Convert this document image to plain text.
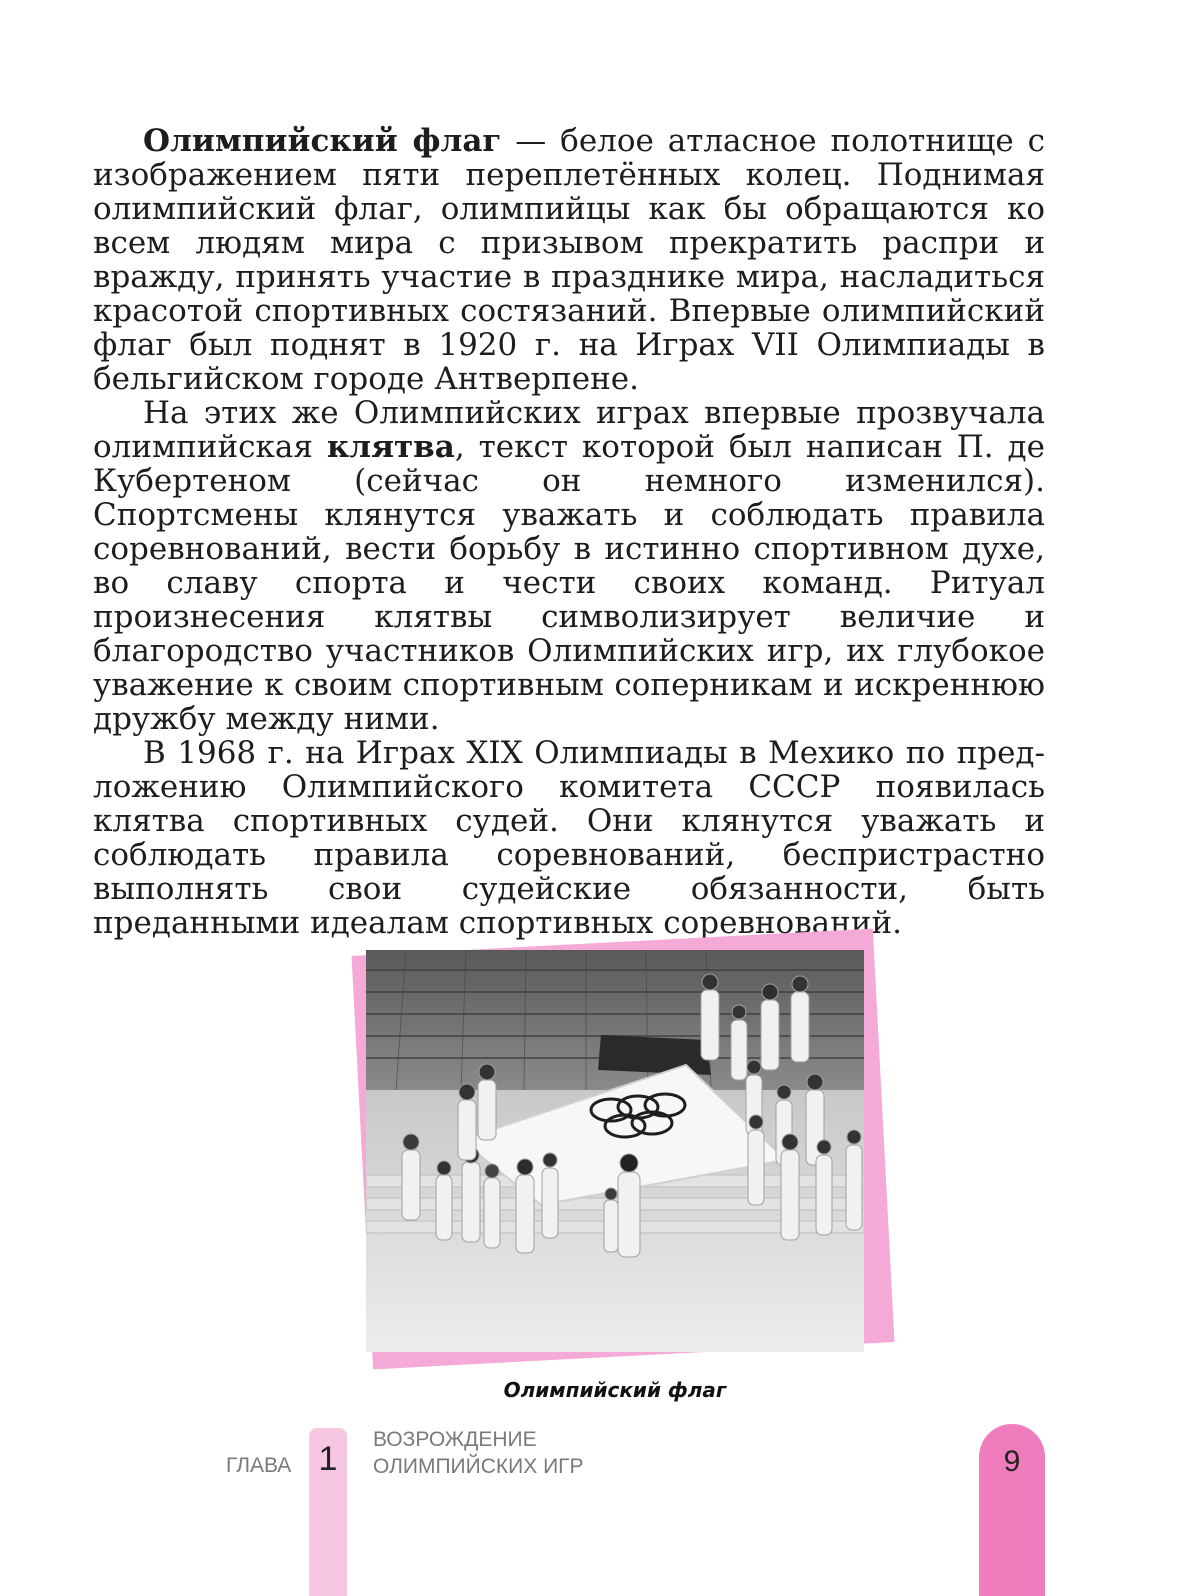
Олимпийский флаг — белое атласное полотнище с изображением пяти переплетённых колец. Поднимая олимпийский флаг, олимпийцы как бы обращаются ко всем людям мира с призывом прекратить распри и вражду, принять участие в празднике мира, насладиться красотой спортивных состязаний. Впервые олимпийский флаг был поднят в 1920 г. на Играх VII Олимпиады в бельгийском городе Антверпене.

На этих же Олимпийских играх впервые прозвучала олимпийская клятва, текст которой был написан П. де Кубертеном (сейчас он немного изменился). Спортсмены клянутся уважать и соблюдать правила соревнований, вести борьбу в истинно спортивном духе, во славу спорта и чести своих команд. Ритуал произнесения клятвы символизирует величие и благородство участников Олимпийских игр, их глубокое уважение к своим спортивным соперникам и искреннюю дружбу между ними.

В 1968 г. на Играх XIX Олимпиады в Мехико по предложению Олимпийского комитета СССР появилась клятва спортивных судей. Они клянутся уважать и соблюдать правила соревнований, беспристрастно выполнять свои судейские обязанности, быть преданными идеалам спортивных соревнований.

Олимпийский флаг
ГЛАВА 1
ВОЗРОЖДЕНИЕ
ОЛИМПИЙСКИХ ИГР	9
